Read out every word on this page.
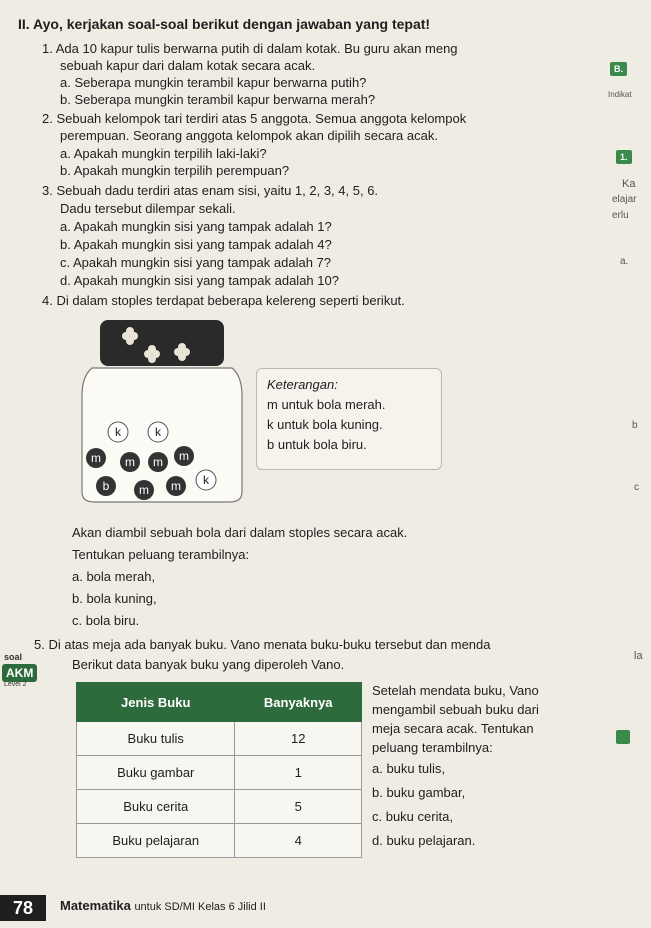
II. Ayo, kerjakan soal-soal berikut dengan jawaban yang tepat!
1. Ada 10 kapur tulis berwarna putih di dalam kotak. Bu guru akan meng
sebuah kapur dari dalam kotak secara acak.
a. Seberapa mungkin terambil kapur berwarna putih?
b. Seberapa mungkin terambil kapur berwarna merah?
2. Sebuah kelompok tari terdiri atas 5 anggota. Semua anggota kelompok
perempuan. Seorang anggota kelompok akan dipilih secara acak.
a. Apakah mungkin terpilih laki-laki?
b. Apakah mungkin terpilih perempuan?
3. Sebuah dadu terdiri atas enam sisi, yaitu 1, 2, 3, 4, 5, 6.
Dadu tersebut dilempar sekali.
a. Apakah mungkin sisi yang tampak adalah 1?
b. Apakah mungkin sisi yang tampak adalah 4?
c. Apakah mungkin sisi yang tampak adalah 7?
d. Apakah mungkin sisi yang tampak adalah 10?
4. Di dalam stoples terdapat beberapa kelereng seperti berikut.
k	k
m m m m
b m m k
Keterangan:
m untuk bola merah.
k untuk bola kuning.
b untuk bola biru.
Akan diambil sebuah bola dari dalam stoples secara acak.
Tentukan peluang terambilnya:
a. bola merah,
b. bola kuning,
c. bola biru.
5. Di atas meja ada banyak buku. Vano menata buku-buku tersebut dan menda
Berikut data banyak buku yang diperoleh Vano.
soal
AKM
Level 2
Jenis Buku	Banyaknya
Buku tulis	12
Buku gambar	1
Buku cerita	5
Buku pelajaran	4
Setelah mendata buku, Vano
mengambil sebuah buku dari
meja secara acak. Tentukan
peluang terambilnya:
a. buku tulis,
b. buku gambar,
c. buku cerita,
d. buku pelajaran.
B.
Indikat
1.
Ka
elajar
erlu
a.
b
c
la
78	Matematika untuk SD/MI Kelas 6 Jilid II
